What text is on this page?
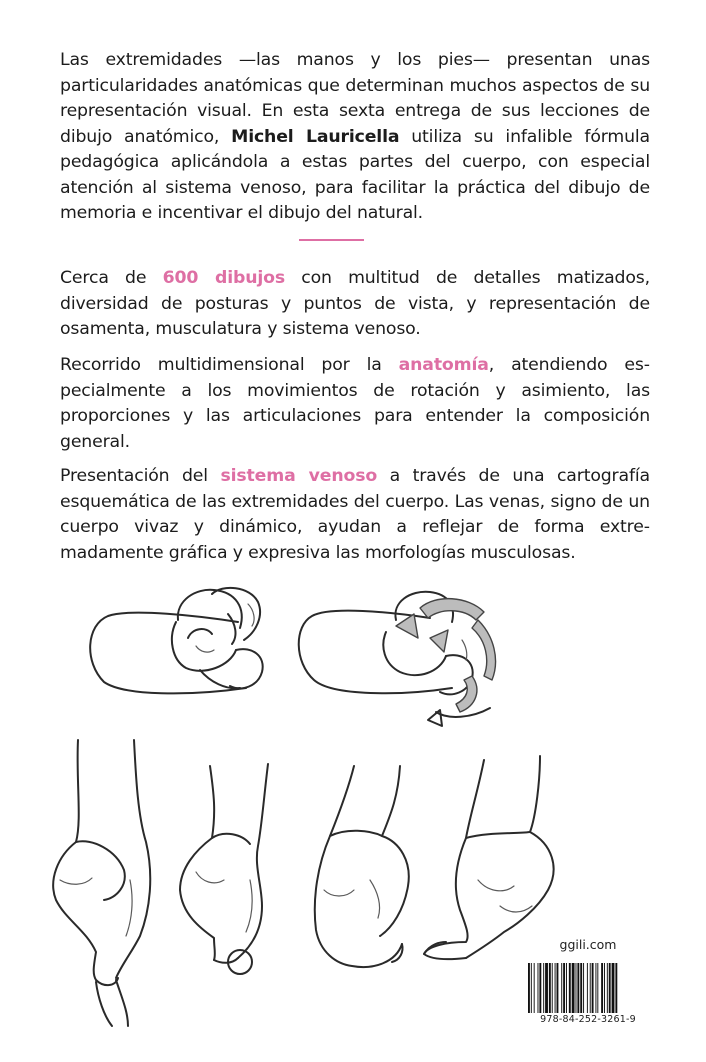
Las extremidades —las manos y los pies— presentan unas particularidades anatómicas que determinan muchos aspectos de su representación visual. En esta sexta entrega de sus lecciones de dibujo anatómico, Michel Lauricella utiliza su infalible fórmula pedagógica aplicándola a estas partes del cuerpo, con especial atención al sistema venoso, para facilitar la práctica del dibujo de memoria e incentivar el dibujo del natural.

Cerca de 600 dibujos con multitud de detalles matizados, diversidad de posturas y puntos de vista, y representación de osamenta, musculatura y sistema venoso.

Recorrido multidimensional por la anatomía, atendiendo especialmente a los movimientos de rotación y asimiento, las proporciones y las articulaciones para entender la composición general.

Presentación del sistema venoso a través de una cartografía esquemática de las extremidades del cuerpo. Las venas, signo de un cuerpo vivaz y dinámico, ayudan a reflejar de forma extremadamente gráfica y expresiva las morfologías musculosas.

ggili.com
978-84-252-3261-9
